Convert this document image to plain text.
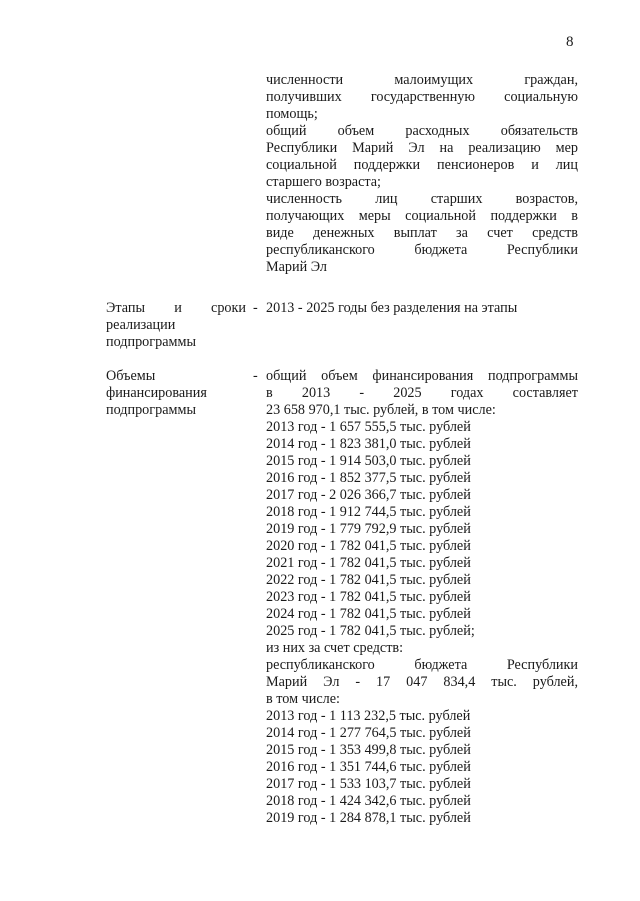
8
численности малоимущих граждан,
получивших государственную социальную
помощь;
общий объем расходных обязательств
Республики Марий Эл на реализацию мер
социальной поддержки пенсионеров и лиц
старшего возраста;
численность лиц старших возрастов,
получающих меры социальной поддержки в
виде денежных выплат за счет средств
республиканского бюджета Республики
Марий Эл
Этапы и сроки
реализации
подпрограммы
- 2013 - 2025 годы без разделения на этапы
Объемы
финансирования
подпрограммы
- общий объем финансирования подпрограммы
в 2013 - 2025 годах составляет
23 658 970,1 тыс. рублей, в том числе:
2013 год - 1 657 555,5 тыс. рублей
2014 год - 1 823 381,0 тыс. рублей
2015 год - 1 914 503,0 тыс. рублей
2016 год - 1 852 377,5 тыс. рублей
2017 год - 2 026 366,7 тыс. рублей
2018 год - 1 912 744,5 тыс. рублей
2019 год - 1 779 792,9 тыс. рублей
2020 год - 1 782 041,5 тыс. рублей
2021 год - 1 782 041,5 тыс. рублей
2022 год - 1 782 041,5 тыс. рублей
2023 год - 1 782 041,5 тыс. рублей
2024 год - 1 782 041,5 тыс. рублей
2025 год - 1 782 041,5 тыс. рублей;
из них за счет средств:
республиканского бюджета Республики
Марий Эл - 17 047 834,4 тыс. рублей,
в том числе:
2013 год - 1 113 232,5 тыс. рублей
2014 год - 1 277 764,5 тыс. рублей
2015 год - 1 353 499,8 тыс. рублей
2016 год - 1 351 744,6 тыс. рублей
2017 год - 1 533 103,7 тыс. рублей
2018 год - 1 424 342,6 тыс. рублей
2019 год - 1 284 878,1 тыс. рублей
